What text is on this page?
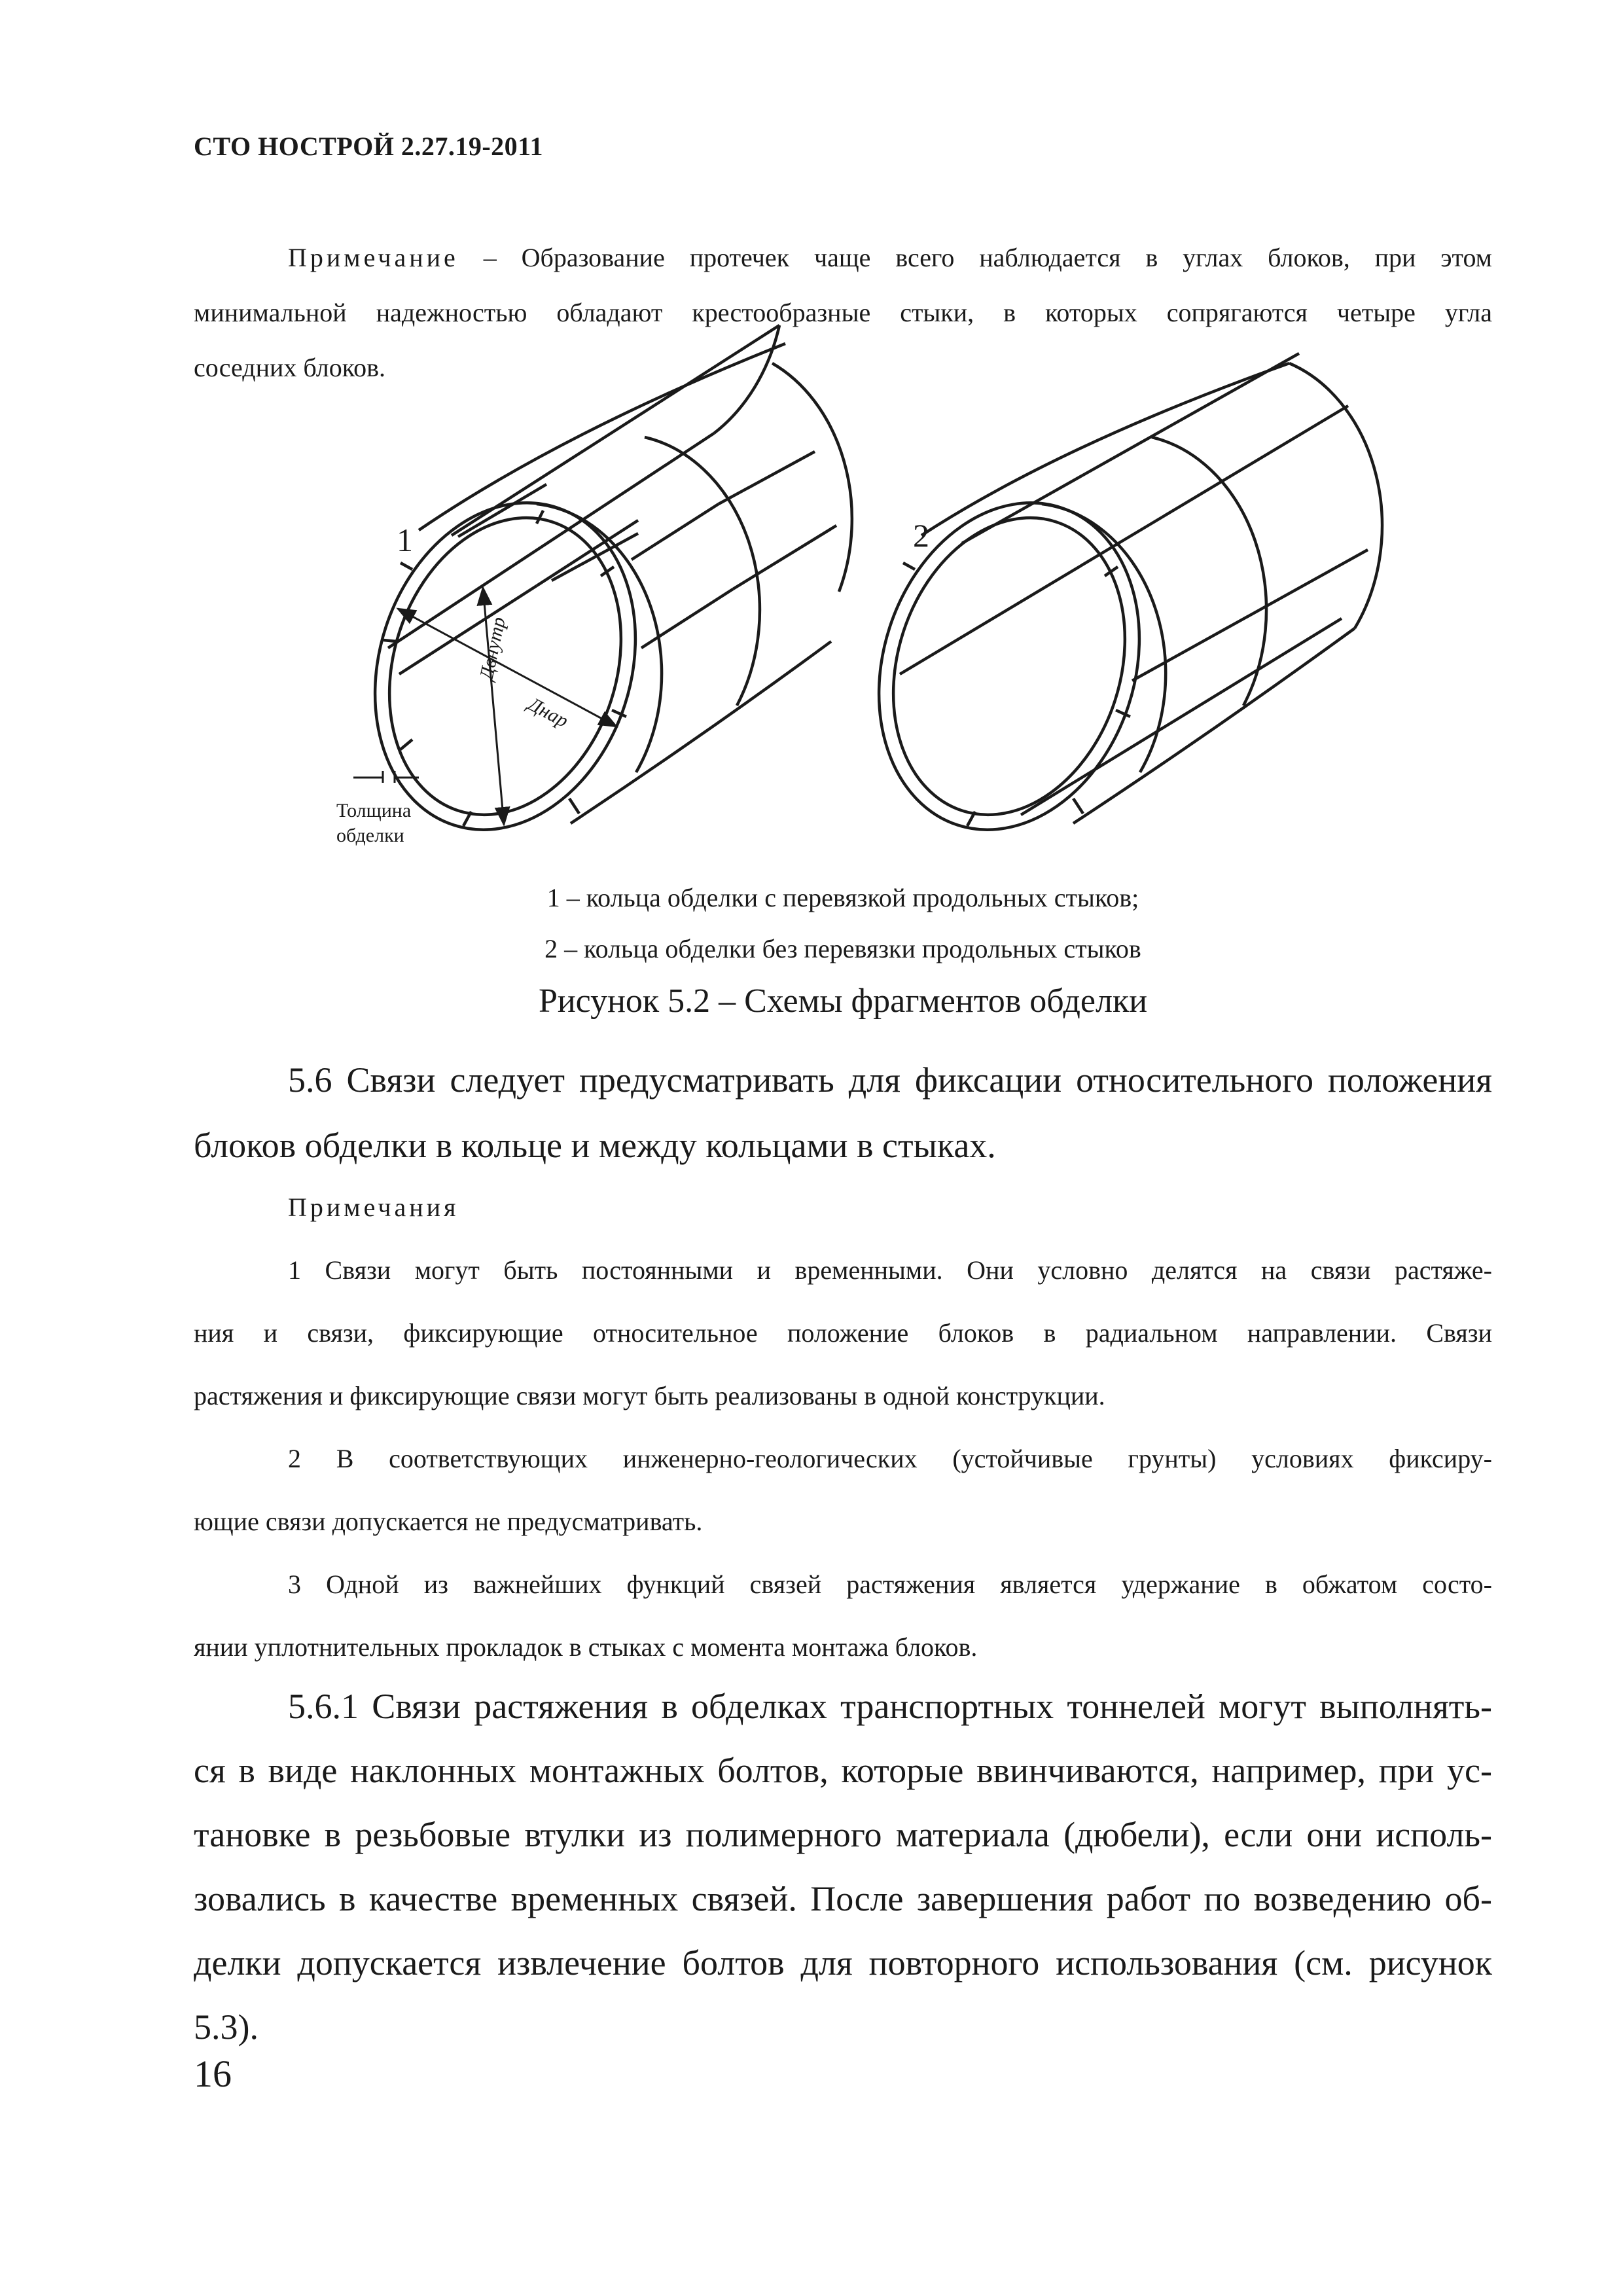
СТО НОСТРОЙ 2.27.19-2011

Примечание – Образование протечек чаще всего наблюдается в углах блоков, при этом

минимальной надежностью обладают крестообразные стыки, в которых сопрягаются четыре угла

соседних блоков.

1	2
Двнутр
Днар
Толщина
обделки
1 – кольца обделки с перевязкой продольных стыков;
2 – кольца обделки без перевязки продольных стыков
Рисунок 5.2 – Схемы фрагментов обделки

5.6 Связи следует предусматривать для фиксации относительного положения

блоков обделки в кольце и между кольцами в стыках.

Примечания

1 Связи могут быть постоянными и временными. Они условно делятся на связи растяже-

ния и связи, фиксирующие относительное положение блоков в радиальном направлении. Связи

растяжения и фиксирующие связи могут быть реализованы в одной конструкции.

2 В соответствующих инженерно-геологических (устойчивые грунты) условиях фиксиру-

ющие связи допускается не предусматривать.

3 Одной из важнейших функций связей растяжения является удержание в обжатом состо-

янии уплотнительных прокладок в стыках с момента монтажа блоков.

5.6.1 Связи растяжения в обделках транспортных тоннелей могут выполнять-

ся в виде наклонных монтажных болтов, которые ввинчиваются, например, при ус-

тановке в резьбовые втулки из полимерного материала (дюбели), если они исполь-

зовались в качестве временных связей. После завершения работ по возведению об-

делки допускается извлечение болтов для повторного использования (см. рисунок

5.3).

16
